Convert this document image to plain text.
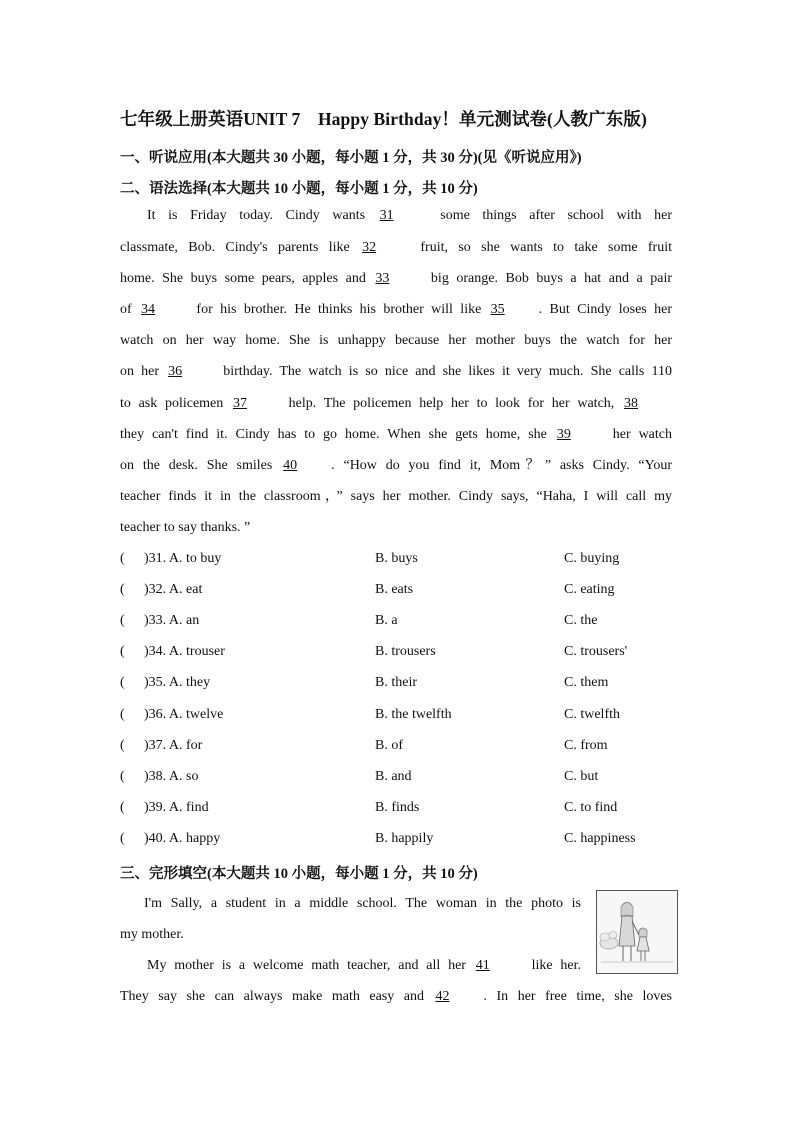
七年级上册英语UNIT 7　Happy Birthday！单元测试卷(人教广东版)
一、听说应用(本大题共 30 小题，每小题 1 分，共 30 分)(见《听说应用》)
二、语法选择(本大题共 10 小题，每小题 1 分，共 10 分)
It is Friday today. Cindy wants 31 some things after school with her
classmate, Bob. Cindy's parents like 32 fruit, so she wants to take some fruit
home. She buys some pears, apples and 33 big orange. Bob buys a hat and a pair
of 34 for his brother. He thinks his brother will like 35 . But Cindy loses her
watch on her way home. She is unhappy because her mother buys the watch for her
on her 36 birthday. The watch is so nice and she likes it very much. She calls 110
to ask policemen 37 help. The policemen help her to look for her watch, 38
they can't find it. Cindy has to go home. When she gets home, she 39 her watch
on the desk. She smiles 40 . “How do you find it, Mom？” asks Cindy. “Your
teacher finds it in the classroom，” says her mother. Cindy says, “Haha, I will call my
teacher to say thanks. ”
( )31. A. to buy	B. buys	C. buying
( )32. A. eat	B. eats	C. eating
( )33. A. an	B. a	C. the
( )34. A. trouser	B. trousers	C. trousers'
( )35. A. they	B. their	C. them
( )36. A. twelve	B. the twelfth	C. twelfth
( )37. A. for	B. of	C. from
( )38. A. so	B. and	C. but
( )39. A. find	B. finds	C. to find
( )40. A. happy	B. happily	C. happiness
三、完形填空(本大题共 10 小题，每小题 1 分，共 10 分)
I'm Sally, a student in a middle school. The woman in the photo is
my mother.
My mother is a welcome math teacher, and all her 41 like her.
They say she can always make math easy and 42 . In her free time, she loves
